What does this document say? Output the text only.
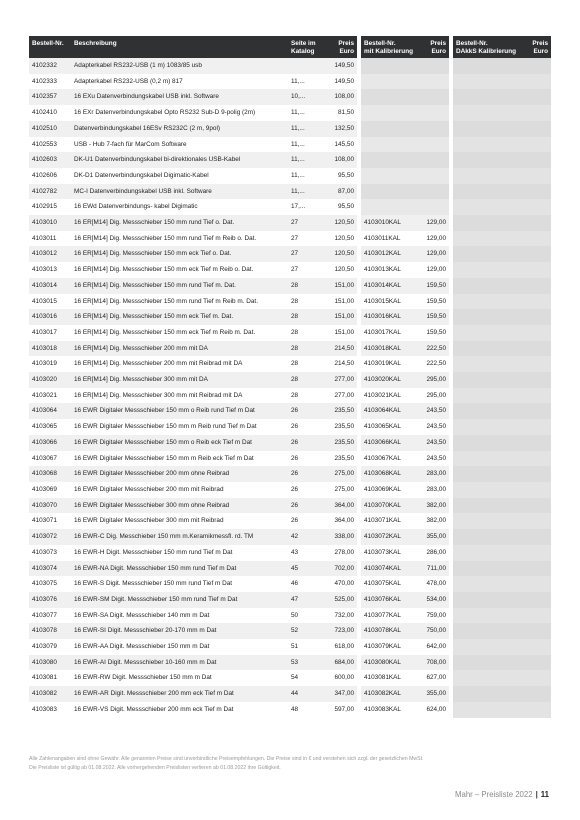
Bestell-Nr.	Beschreibung	Seite im
Katalog	Preis
Euro		Bestell-Nr.
mit Kalibrierung	Preis
Euro		Bestell-Nr.
DAkkS Kalibrierung	Preis
Euro
4102332	Adapterkabel RS232-USB (1 m) 1083/85 usb		149,50						
4102333	Adapterkabel RS232-USB (0,2 m) 817	11,...	149,50						
4102357	16 EXu Datenverbindungskabel USB inkl. Software	10,...	108,00						
4102410	16 EXr Datenverbindungskabel Opto RS232 Sub-D 9-polig (2m)	11,...	81,50						
4102510	Datenverbindungskabel 16ESv RS232C (2 m, 9pol)	11,...	132,50						
4102553	USB - Hub 7-fach für MarCom Software	11,...	145,50						
4102603	DK-U1 Datenverbindungskabel bi-direktionales USB-Kabel	11,...	108,00						
4102606	DK-D1 Datenverbindungskabel Digimatic-Kabel	11,...	95,50						
4102782	MC-I Datenverbindungskabel USB inkl. Software	11,...	87,00						
4102915	16 EWd Datenverbindungs- kabel Digimatic	17,...	95,50						
4103010	16 ER[M14] Dig. Messschieber 150 mm rund Tief o. Dat.	27	120,50		4103010KAL	129,00			
4103011	16 ER[M14] Dig. Messschieber 150 mm rund Tief m Reib o. Dat.	27	120,50		4103011KAL	129,00			
4103012	16 ER[M14] Dig. Messschieber 150 mm eck Tief o. Dat.	27	120,50		4103012KAL	129,00			
4103013	16 ER[M14] Dig. Messschieber 150 mm eck Tief m Reib o. Dat.	27	120,50		4103013KAL	129,00			
4103014	16 ER[M14] Dig. Messschieber 150 mm rund Tief m. Dat.	28	151,00		4103014KAL	159,50			
4103015	16 ER[M14] Dig. Messschieber 150 mm rund Tief m Reib m. Dat.	28	151,00		4103015KAL	159,50			
4103016	16 ER[M14] Dig. Messschieber 150 mm eck Tief m. Dat.	28	151,00		4103016KAL	159,50			
4103017	16 ER[M14] Dig. Messschieber 150 mm eck Tief m Reib m. Dat.	28	151,00		4103017KAL	159,50			
4103018	16 ER[M14] Dig. Messschieber 200 mm mit DA	28	214,50		4103018KAL	222,50			
4103019	16 ER[M14] Dig. Messschieber 200 mm mit Reibrad mit DA	28	214,50		4103019KAL	222,50			
4103020	16 ER[M14] Dig. Messschieber 300 mm mit DA	28	277,00		4103020KAL	295,00			
4103021	16 ER[M14] Dig. Messschieber 300 mm mit Reibrad mit DA	28	277,00		4103021KAL	295,00			
4103064	16 EWR Digitaler Messschieber 150 mm o Reib rund Tief m Dat	26	235,50		4103064KAL	243,50			
4103065	16 EWR Digitaler Messschieber 150 mm m Reib rund Tief m Dat	26	235,50		4103065KAL	243,50			
4103066	16 EWR Digitaler Messschieber 150 mm o Reib eck Tief m Dat	26	235,50		4103066KAL	243,50			
4103067	16 EWR Digitaler Messschieber 150 mm m Reib eck Tief m Dat	26	235,50		4103067KAL	243,50			
4103068	16 EWR Digitaler Messschieber 200 mm ohne Reibrad	26	275,00		4103068KAL	283,00			
4103069	16 EWR Digitaler Messschieber 200 mm mit Reibrad	26	275,00		4103069KAL	283,00			
4103070	16 EWR Digitaler Messschieber 300 mm ohne Reibrad	26	364,00		4103070KAL	382,00			
4103071	16 EWR Digitaler Messschieber 300 mm mit Reibrad	26	364,00		4103071KAL	382,00			
4103072	16 EWR-C Dig. Messchieber 150 mm m.Keramikmessfl. rd. TM	42	338,00		4103072KAL	355,00			
4103073	16 EWR-H Digit. Messschieber 150 mm rund Tief m Dat	43	278,00		4103073KAL	286,00			
4103074	16 EWR-NA Digit. Messschieber 150 mm rund Tief m Dat	45	702,00		4103074KAL	711,00			
4103075	16 EWR-S Digit. Messschieber 150 mm rund Tief m Dat	46	470,00		4103075KAL	478,00			
4103076	16 EWR-SM Digit. Messschieber 150 mm rund Tief m Dat	47	525,00		4103076KAL	534,00			
4103077	16 EWR-SA Digit. Messschieber 140 mm m Dat	50	732,00		4103077KAL	759,00			
4103078	16 EWR-SI Digit. Messschieber 20-170 mm m Dat	52	723,00		4103078KAL	750,00			
4103079	16 EWR-AA Digit. Messschieber 150 mm m Dat	51	618,00		4103079KAL	642,00			
4103080	16 EWR-AI Digit. Messschieber 10-160 mm m Dat	53	684,00		4103080KAL	708,00			
4103081	16 EWR-RW Digit. Messschieber 150 mm m Dat	54	600,00		4103081KAL	627,00			
4103082	16 EWR-AR Digit. Messschieber 200 mm eck Tief m Dat	44	347,00		4103082KAL	355,00			
4103083	16 EWR-VS Digit. Messschieber 200 mm eck Tief m Dat	48	597,00		4103083KAL	624,00			
Alle Zahlenangaben sind ohne Gewähr. Alle genannten Preise sind unverbindliche Preisempfehlungen. Die Preise sind in € und verstehen sich zzgl. der gesetzlichen MwSt.
Die Preisliste ist gültig ab 01.08.2022. Alle vorhergehenden Preislisten verlieren ab 01.08.2022 ihre Gültigkeit.
Mahr – Preisliste 2022 | 11
